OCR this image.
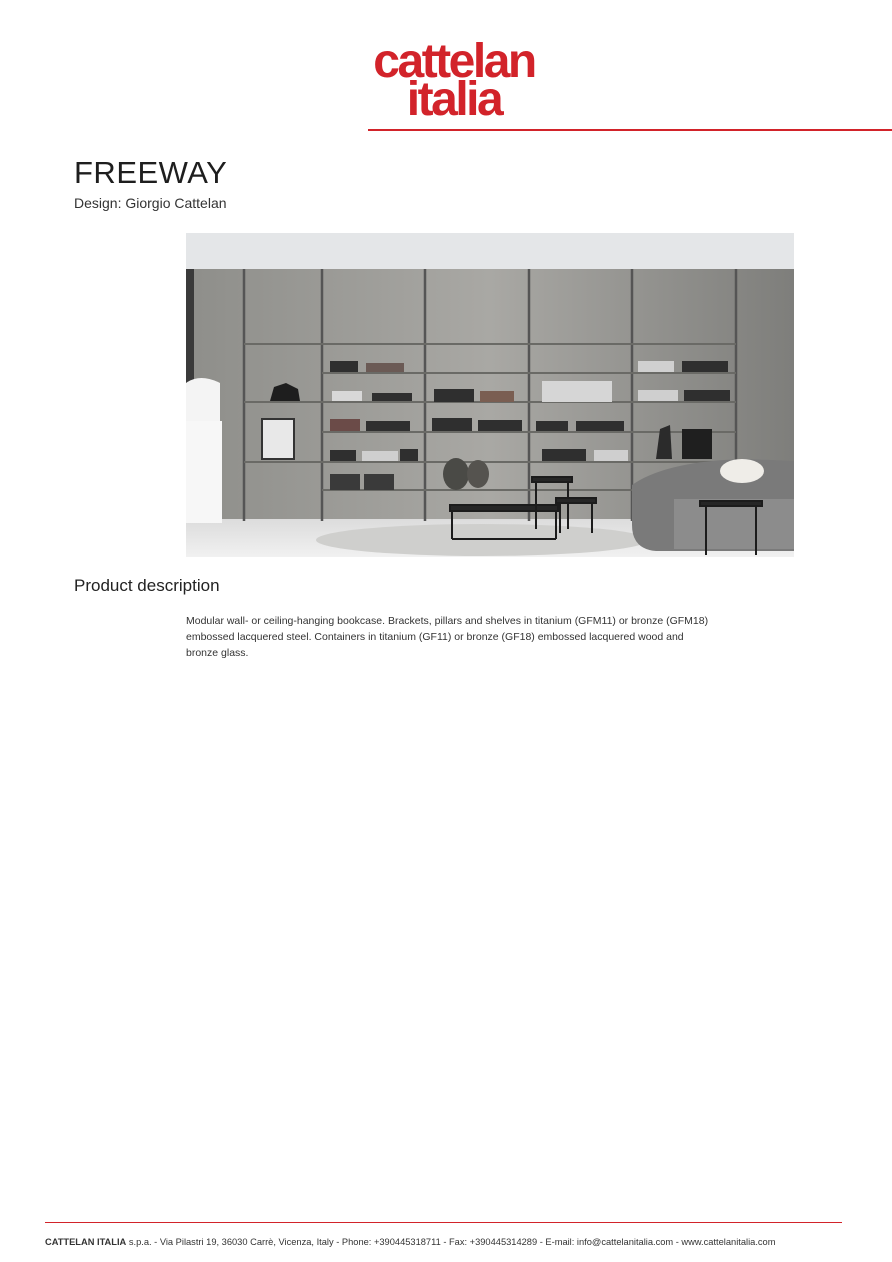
cattelan
italia
FREEWAY

Design: Giorgio Cattelan

Product description

Modular wall- or ceiling-hanging bookcase. Brackets, pillars and shelves in titanium (GFM11) or bronze (GFM18) embossed lacquered steel. Containers in titanium (GF11) or bronze (GF18) embossed lacquered wood and bronze glass.

CATTELAN ITALIA s.p.a. - Via Pilastri 19, 36030 Carrè, Vicenza, Italy - Phone: +390445318711 - Fax: +390445314289 - E-mail: info@cattelanitalia.com - www.cattelanitalia.com
